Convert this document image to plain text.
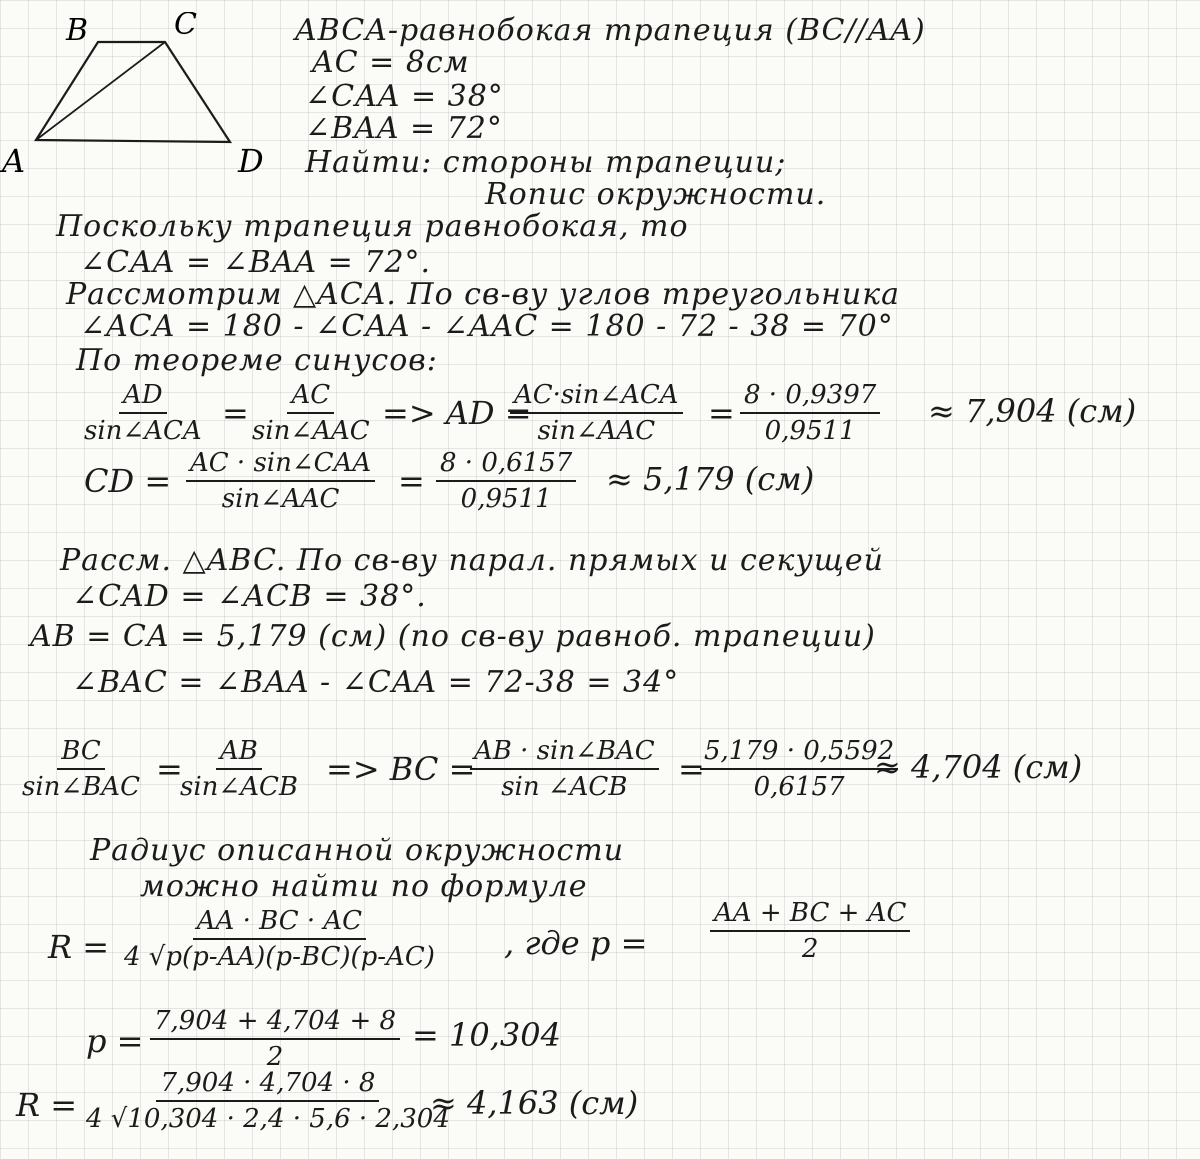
B	C
A	D
ABCA-равнобокая трапеция (BC//AA)
AC = 8см
∠CAA = 38°
∠BAA = 72°
Найти: стороны трапеции;
Rопис окружности.
Поскольку трапеция равнобокая, то
∠CAA = ∠BAA = 72°.
Рассмотрим △ACA. По св-ву углов треугольника
∠ACA = 180 - ∠CAA - ∠AAC = 180 - 72 - 38 = 70°
По теореме синусов:
AD
sin∠ACA = AC
sin∠AAC => AD =
AC·sin∠ACA
sin∠AAC = $\frac{8 \cdot 0,9397}{0,9511} \approx 7,904$ (см)
CD = AC · sin∠CAA
sin∠AAC = $\frac{8 \cdot 0,6157}{0,9511} \approx 5,179$ (см)
Рассм. △ABC. По св-ву парал. прямых и секущей
∠CAD = ∠ACB = 38°.
AB = CA = 5,179 (см) (по св-ву равноб. трапеции)
∠BAC = ∠BAA - ∠CAA = 72-38 = 34°
BC
sin∠BAC = AB
sin∠ACB => BC =
AB · sin∠BAC
sin ∠ACB =
$\frac{5,179 \cdot 0,5592}{0,6157}$
≈ 4,704 (см)
Радиус описанной окружности
можно найти по формуле
$R = \frac{AA \cdot BC \cdot AC}{4 √p(p-AA)(p-BC)(p-AC)}$ , где $p = \frac{AA + BC + AC}{2}$
$p = \frac{7,904 + 4,704 + 8}{2} = 10,304$
$R = \frac{7,904 \cdot 4,704 \cdot 8}{4 √10,304 \cdot 2,4 \cdot 5,6 \cdot 2,304}$
≈ 4,163 (см)
